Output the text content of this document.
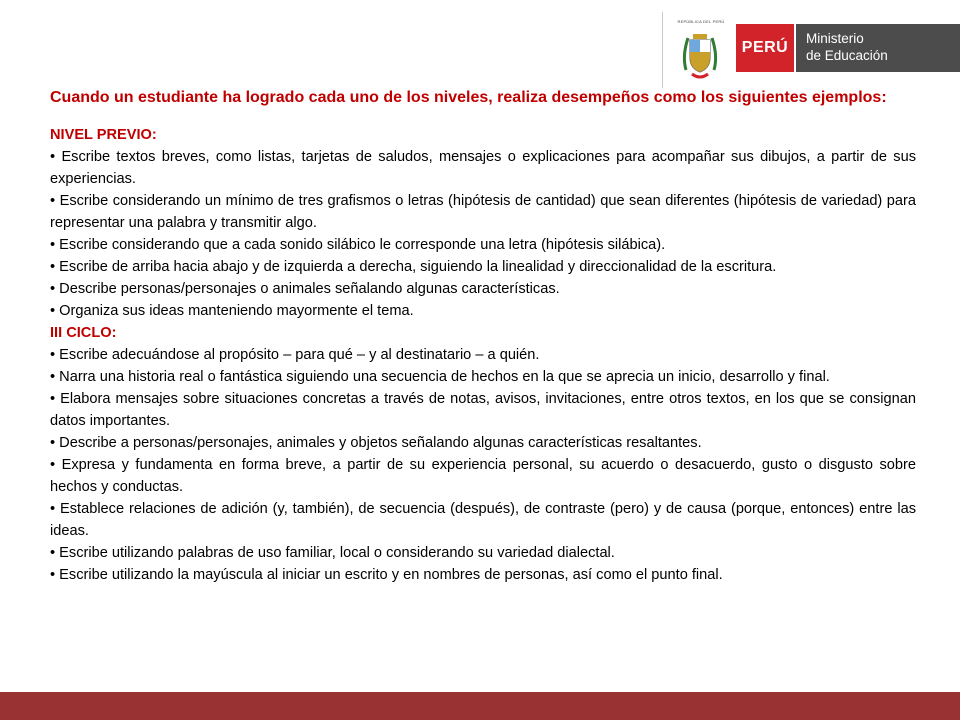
REPÚBLICA DEL PERÚ
PERÚ
Ministerio
de Educación

Cuando un estudiante ha logrado cada uno de los niveles, realiza desempeños como los siguientes ejemplos:

NIVEL PREVIO:

• Escribe textos breves, como listas, tarjetas de saludos, mensajes o explicaciones para acompañar sus dibujos, a partir de sus experiencias.

• Escribe considerando un mínimo de tres grafismos o letras (hipótesis de cantidad) que sean diferentes (hipótesis de variedad) para representar una palabra y transmitir algo.

• Escribe considerando que a cada sonido silábico le corresponde una letra (hipótesis silábica).

• Escribe de arriba hacia abajo y de izquierda a derecha, siguiendo la linealidad y direccionalidad de la escritura.

• Describe personas/personajes o animales señalando algunas características.

• Organiza sus ideas manteniendo mayormente el tema.

III CICLO:

• Escribe adecuándose al propósito – para qué – y al destinatario – a quién.

• Narra una historia real o fantástica siguiendo una secuencia de hechos en la que se aprecia un inicio, desarrollo y final.

• Elabora mensajes sobre situaciones concretas a través de notas, avisos, invitaciones, entre otros textos, en los que se consignan datos importantes.

• Describe a personas/personajes, animales y objetos señalando algunas características resaltantes.

• Expresa y fundamenta en forma breve, a partir de su experiencia personal, su acuerdo o desacuerdo, gusto o disgusto sobre hechos y conductas.

• Establece relaciones de adición (y, también), de secuencia (después), de contraste (pero) y de causa (porque, entonces) entre las ideas.

• Escribe utilizando palabras de uso familiar, local o considerando su variedad dialectal.

• Escribe utilizando la mayúscula al iniciar un escrito y en nombres de personas, así como el punto final.
